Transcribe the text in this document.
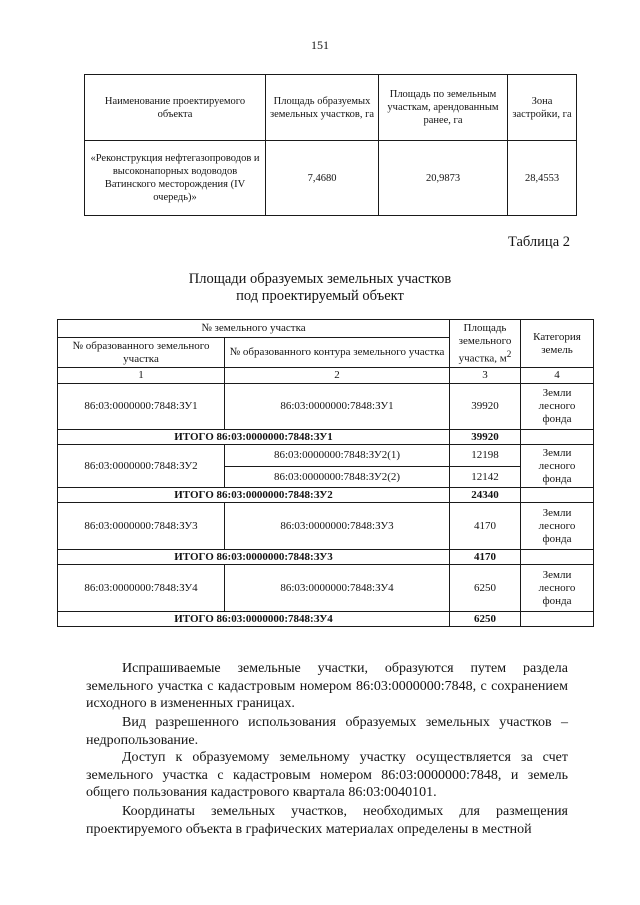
151
Наименование проектируемого объекта	Площадь образуемых земельных участков, га	Площадь по земельным участкам, арендованным ранее, га	Зона застройки, га
«Реконструкция нефтегазопроводов и высоконапорных водоводов Ватинского месторождения (IV очередь)»	7,4680	20,9873	28,4553
Таблица 2
Площади образуемых земельных участков
под проектируемый объект
№ земельного участка		Площадь земельного участка, $м^2$	Категория земель
№ образованного земельного участка	№ образованного контура земельного участка		
1	2	3	4
86:03:0000000:7848:ЗУ1	86:03:0000000:7848:ЗУ1	39920	Земли лесного фонда
ИТОГО 86:03:0000000:7848:ЗУ1		39920	
86:03:0000000:7848:ЗУ2	86:03:0000000:7848:ЗУ2(1)	12198	Земли лесного фонда
	86:03:0000000:7848:ЗУ2(2)	12142	
ИТОГО 86:03:0000000:7848:ЗУ2		24340	
86:03:0000000:7848:ЗУ3	86:03:0000000:7848:ЗУ3	4170	Земли лесного фонда
ИТОГО 86:03:0000000:7848:ЗУ3		4170	
86:03:0000000:7848:ЗУ4	86:03:0000000:7848:ЗУ4	6250	Земли лесного фонда
ИТОГО 86:03:0000000:7848:ЗУ4		6250	

Испрашиваемые земельные участки, образуются путем раздела земельного участка с кадастровым номером 86:03:0000000:7848, с сохранением исходного в измененных границах.

Вид разрешенного использования образуемых земельных участков – недропользование.

Доступ к образуемому земельному участку осуществляется за счет земельного участка с кадастровым номером 86:03:0000000:7848, и земель общего пользования кадастрового квартала 86:03:0040101.

Координаты земельных участков, необходимых для размещения проектируемого объекта в графических материалах определены в местной
